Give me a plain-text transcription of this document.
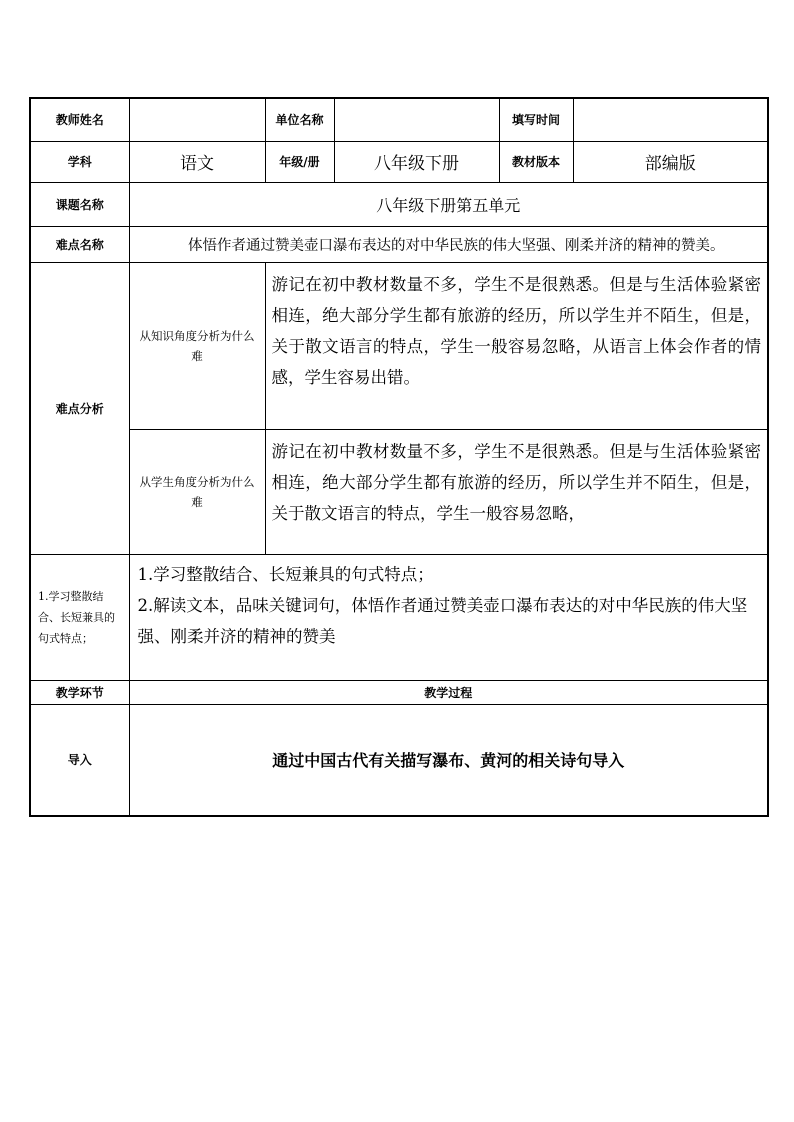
教师姓名		单位名称		填写时间	
学科	语文	年级/册	八年级下册	教材版本	部编版
课题名称	八年级下册第五单元				
难点名称	体悟作者通过赞美壶口瀑布表达的对中华民族的伟大坚强、刚柔并济的精神的赞美。				
难点分析	从知识角度分析为什么难	游记在初中教材数量不多，学生不是很熟悉。但是与生活体验紧密相连，绝大部分学生都有旅游的经历，所以学生并不陌生，但是，关于散文语言的特点，学生一般容易忽略，从语言上体会作者的情感，学生容易出错。			
	从学生角度分析为什么难	游记在初中教材数量不多，学生不是很熟悉。但是与生活体验紧密相连，绝大部分学生都有旅游的经历，所以学生并不陌生，但是，关于散文语言的特点，学生一般容易忽略，			
1.学习整散结合、长短兼具的句式特点；	1.学习整散结合、长短兼具的句式特点；
2.解读文本，品味关键词句，体悟作者通过赞美壶口瀑布表达的对中华民族的伟大坚强、刚柔并济的精神的赞美				

教学环节	教学过程				
导入	通过中国古代有关描写瀑布、黄河的相关诗句导入				
